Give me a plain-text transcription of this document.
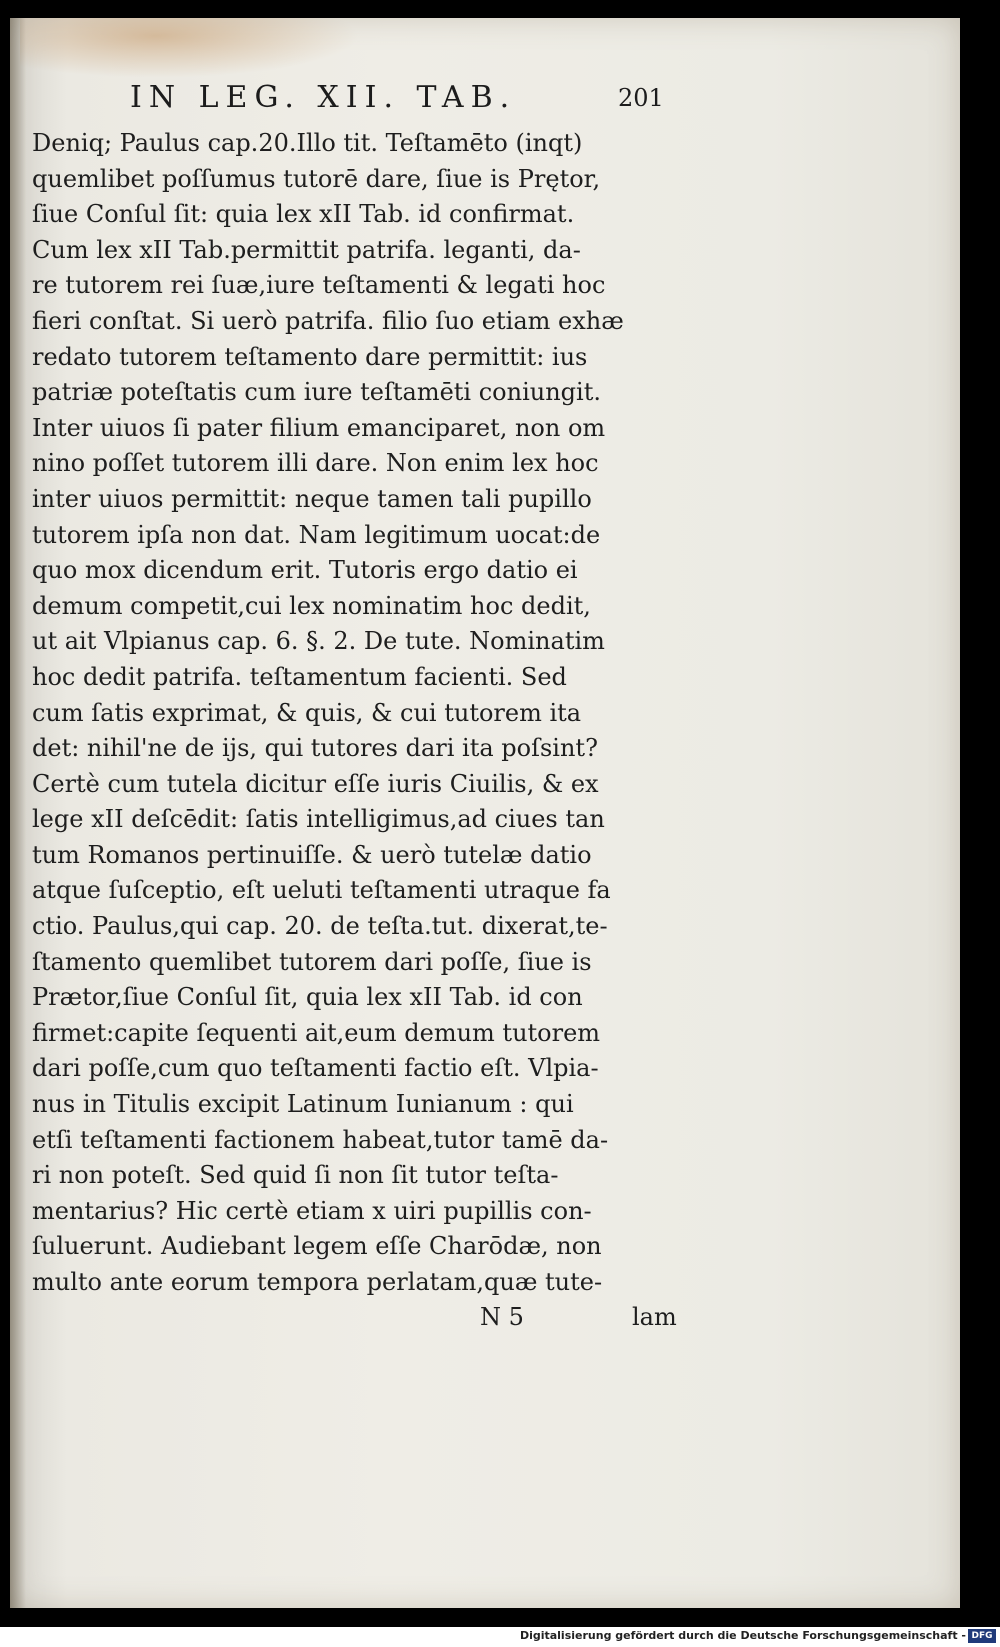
IN LEG. XII. TAB.	201
Deniq; Paulus cap.20.Illo tit. Teſtamēto (inqt)
quemlibet poſſumus tutorē dare, ſiue is Prętor,
ſiue Conſul ſit: quia lex xII Tab. id confirmat.
Cum lex xII Tab.permittit patrifa. leganti, da-
re tutorem rei ſuæ,iure teſtamenti & legati hoc
fieri conſtat. Si uerò patrifa. filio ſuo etiam exhæ
redato tutorem teſtamento dare permittit: ius
patriæ poteſtatis cum iure teſtamēti coniungit.
Inter uiuos ſi pater filium emanciparet, non om
nino poſſet tutorem illi dare. Non enim lex hoc
inter uiuos permittit: neque tamen tali pupillo
tutorem ipſa non dat. Nam legitimum uocat:de
quo mox dicendum erit. Tutoris ergo datio ei
demum competit,cui lex nominatim hoc dedit,
ut ait Vlpianus cap. 6. §. 2. De tute. Nominatim
hoc dedit patrifa. teſtamentum facienti. Sed
cum ſatis exprimat, & quis, & cui tutorem ita
det: nihil'ne de ijs, qui tutores dari ita poſsint?
Certè cum tutela dicitur eſſe iuris Ciuilis, & ex
lege xII deſcēdit: ſatis intelligimus,ad ciues tan
tum Romanos pertinuiſſe. & uerò tutelæ datio
atque ſuſceptio, eſt ueluti teſtamenti utraque fa
ctio. Paulus,qui cap. 20. de teſta.tut. dixerat,te-
ſtamento quemlibet tutorem dari poſſe, ſiue is
Prætor,ſiue Conſul ſit, quia lex xII Tab. id con
firmet:capite ſequenti ait,eum demum tutorem
dari poſſe,cum quo teſtamenti factio eſt. Vlpia-
nus in Titulis excipit Latinum Iunianum : qui
etſi teſtamenti factionem habeat,tutor tamē da-
ri non poteſt. Sed quid ſi non ſit tutor teſta-
mentarius? Hic certè etiam x uiri pupillis con-
ſuluerunt. Audiebant legem eſſe Charōdæ, non
multo ante eorum tempora perlatam,quæ tute-
N 5	lam
Digitalisierung gefördert durch die Deutsche Forschungsgemeinschaft - DFG
